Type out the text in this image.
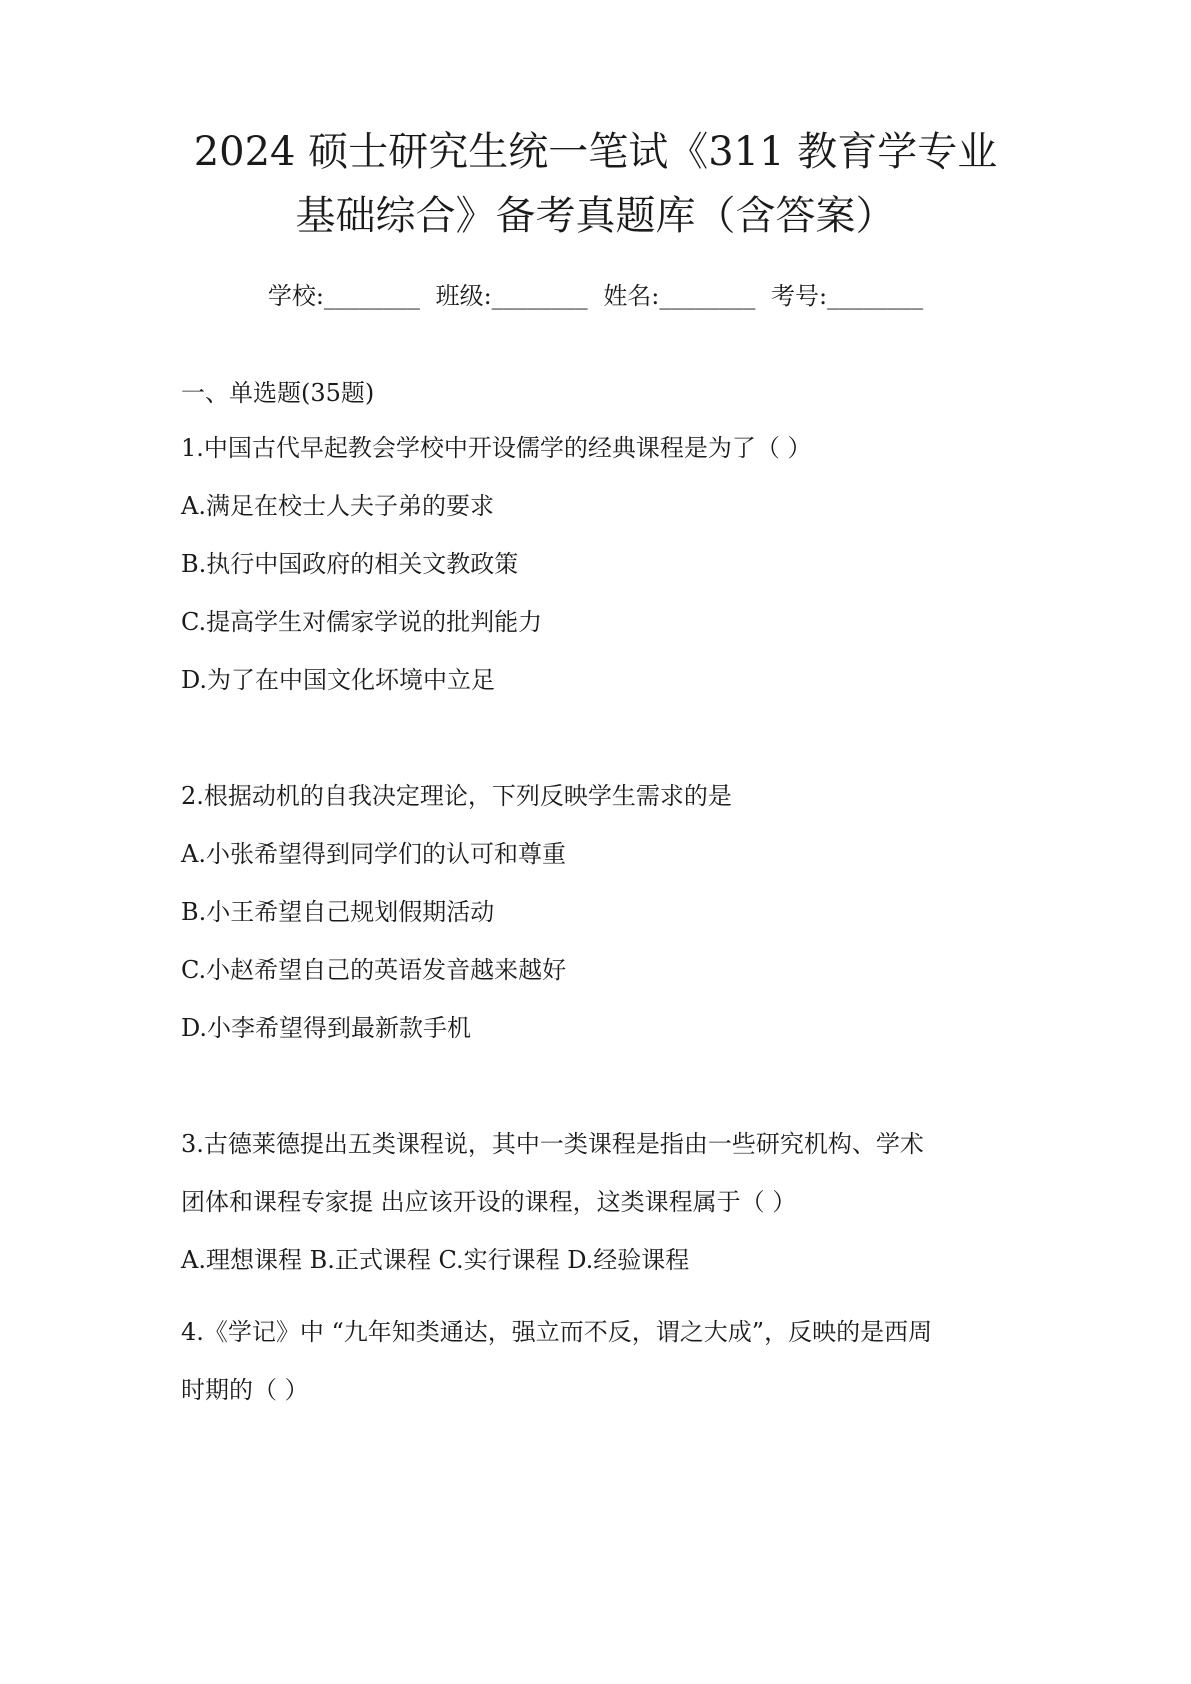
2024 硕士研究生统一笔试《311 教育学专业
基础综合》备考真题库（含答案）
学校:________ 班级:________ 姓名:________ 考号:________
一、单选题(35题)
1.中国古代早起教会学校中开设儒学的经典课程是为了（ ）
A.满足在校士人夫子弟的要求
B.执行中国政府的相关文教政策
C.提高学生对儒家学说的批判能力
D.为了在中国文化坏境中立足
2.根据动机的自我决定理论，下列反映学生需求的是
A.小张希望得到同学们的认可和尊重
B.小王希望自己规划假期活动
C.小赵希望自己的英语发音越来越好
D.小李希望得到最新款手机
3.古德莱德提出五类课程说，其中一类课程是指由一些研究机构、学术
团体和课程专家提 出应该开设的课程，这类课程属于（ ）
A.理想课程 B.正式课程 C.实行课程 D.经验课程
4.《学记》中 “九年知类通达，强立而不反，谓之大成”，反映的是西周
时期的（ ）
